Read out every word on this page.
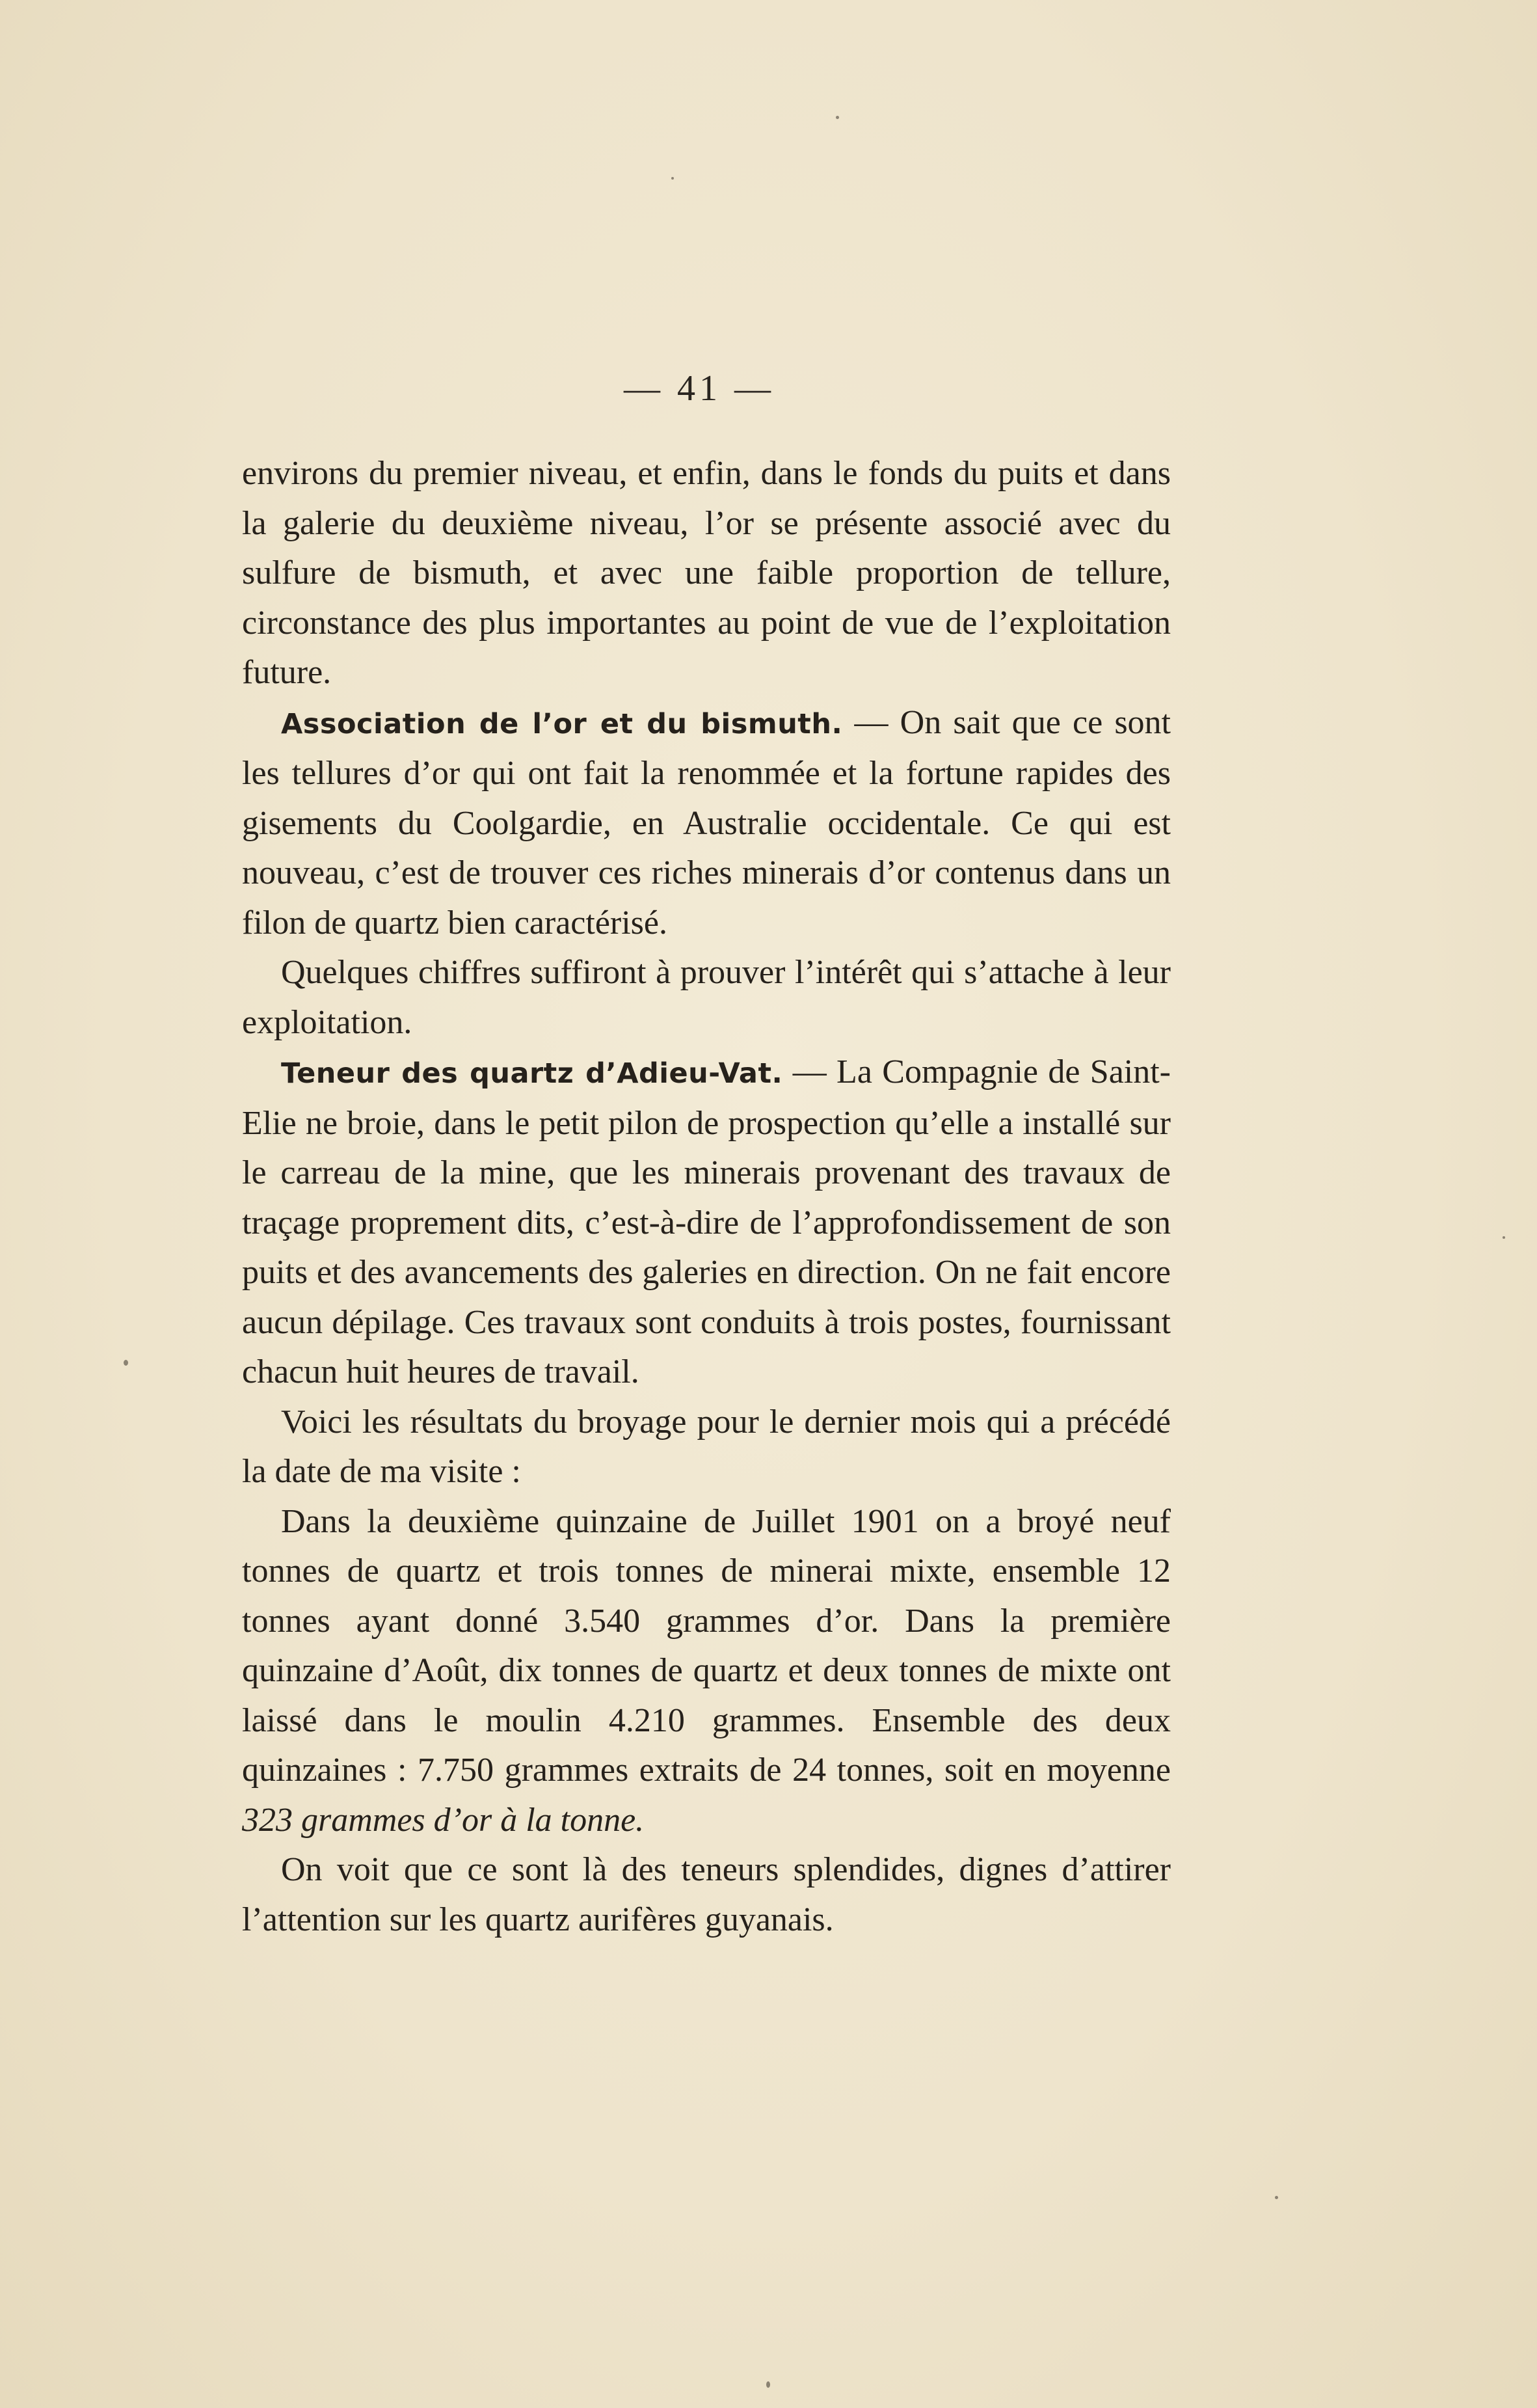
— 41 —

environs du premier niveau, et enfin, dans le fonds du puits et dans la galerie du deuxième niveau, l’or se présente associé avec du sulfure de bismuth, et avec une faible proportion de tellure, circonstance des plus importantes au point de vue de l’exploitation future.

Association de l’or et du bismuth. — On sait que ce sont les tellures d’or qui ont fait la renommée et la fortune rapides des gisements du Coolgardie, en Australie occidentale. Ce qui est nouveau, c’est de trouver ces riches minerais d’or contenus dans un filon de quartz bien caractérisé.

Quelques chiffres suffiront à prouver l’intérêt qui s’attache à leur exploitation.

Teneur des quartz d’Adieu-Vat. — La Compagnie de Saint-Elie ne broie, dans le petit pilon de prospection qu’elle a installé sur le carreau de la mine, que les minerais provenant des travaux de traçage proprement dits, c’est-à-dire de l’approfondissement de son puits et des avancements des galeries en direction. On ne fait encore aucun dépilage. Ces travaux sont conduits à trois postes, fournissant chacun huit heures de travail.

Voici les résultats du broyage pour le dernier mois qui a précédé la date de ma visite :

Dans la deuxième quinzaine de Juillet 1901 on a broyé neuf tonnes de quartz et trois tonnes de minerai mixte, ensemble 12 tonnes ayant donné 3.540 grammes d’or. Dans la première quinzaine d’Août, dix tonnes de quartz et deux tonnes de mixte ont laissé dans le moulin 4.210 grammes. Ensemble des deux quinzaines : 7.750 grammes extraits de 24 tonnes, soit en moyenne 323 grammes d’or à la tonne.

On voit que ce sont là des teneurs splendides, dignes d’attirer l’attention sur les quartz aurifères guyanais.
